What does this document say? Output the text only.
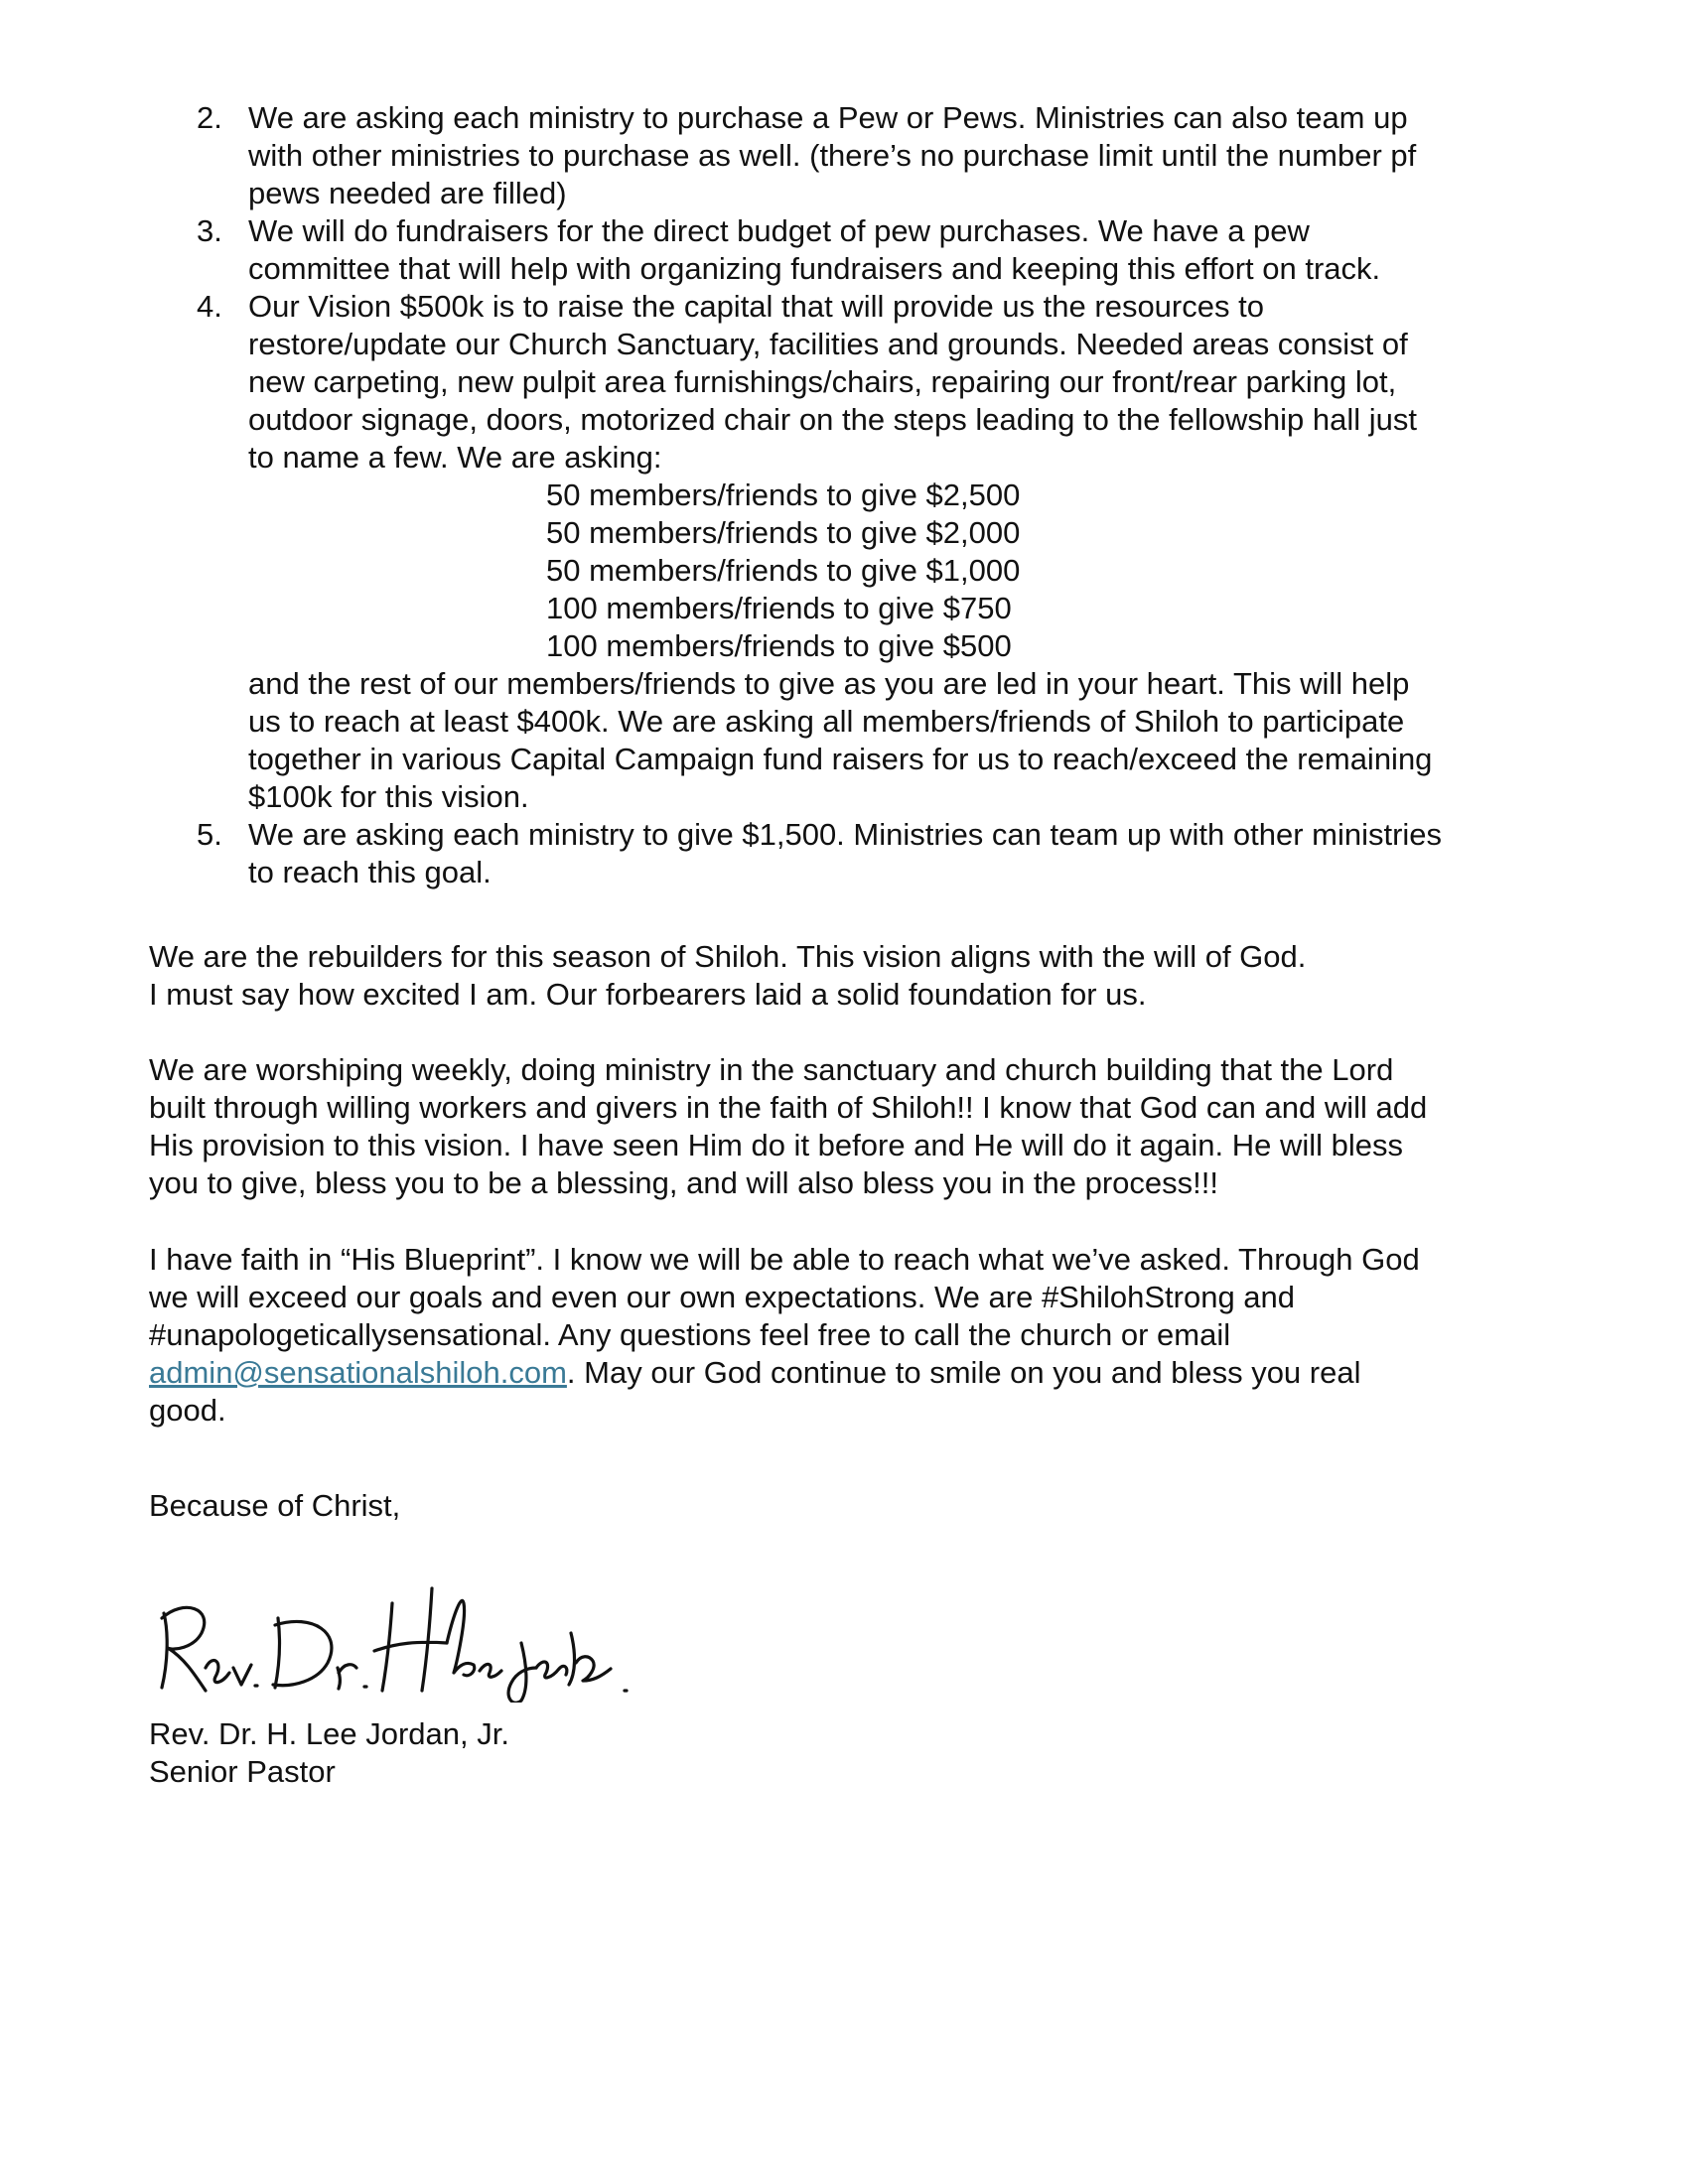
2. We are asking each ministry to purchase a Pew or Pews. Ministries can also team up
with other ministries to purchase as well. (there’s no purchase limit until the number pf
pews needed are filled)
3. We will do fundraisers for the direct budget of pew purchases. We have a pew
committee that will help with organizing fundraisers and keeping this effort on track.
4. Our Vision $500k is to raise the capital that will provide us the resources to
restore/update our Church Sanctuary, facilities and grounds. Needed areas consist of
new carpeting, new pulpit area furnishings/chairs, repairing our front/rear parking lot,
outdoor signage, doors, motorized chair on the steps leading to the fellowship hall just
to name a few. We are asking:
50 members/friends to give $2,500
50 members/friends to give $2,000
50 members/friends to give $1,000
100 members/friends to give $750
100 members/friends to give $500
and the rest of our members/friends to give as you are led in your heart. This will help
us to reach at least $400k. We are asking all members/friends of Shiloh to participate
together in various Capital Campaign fund raisers for us to reach/exceed the remaining
$100k for this vision.
5. We are asking each ministry to give $1,500. Ministries can team up with other ministries
to reach this goal.
We are the rebuilders for this season of Shiloh. This vision aligns with the will of God.
I must say how excited I am. Our forbearers laid a solid foundation for us.
We are worshiping weekly, doing ministry in the sanctuary and church building that the Lord
built through willing workers and givers in the faith of Shiloh!! I know that God can and will add
His provision to this vision. I have seen Him do it before and He will do it again. He will bless
you to give, bless you to be a blessing, and will also bless you in the process!!!
I have faith in “His Blueprint”. I know we will be able to reach what we’ve asked. Through God
we will exceed our goals and even our own expectations. We are #ShilohStrong and
#unapologeticallysensational. Any questions feel free to call the church or email
admin@sensationalshiloh.com. May our God continue to smile on you and bless you real
good.
Because of Christ,
Rev. Dr. H. Lee Jordan, Jr.
Senior Pastor
